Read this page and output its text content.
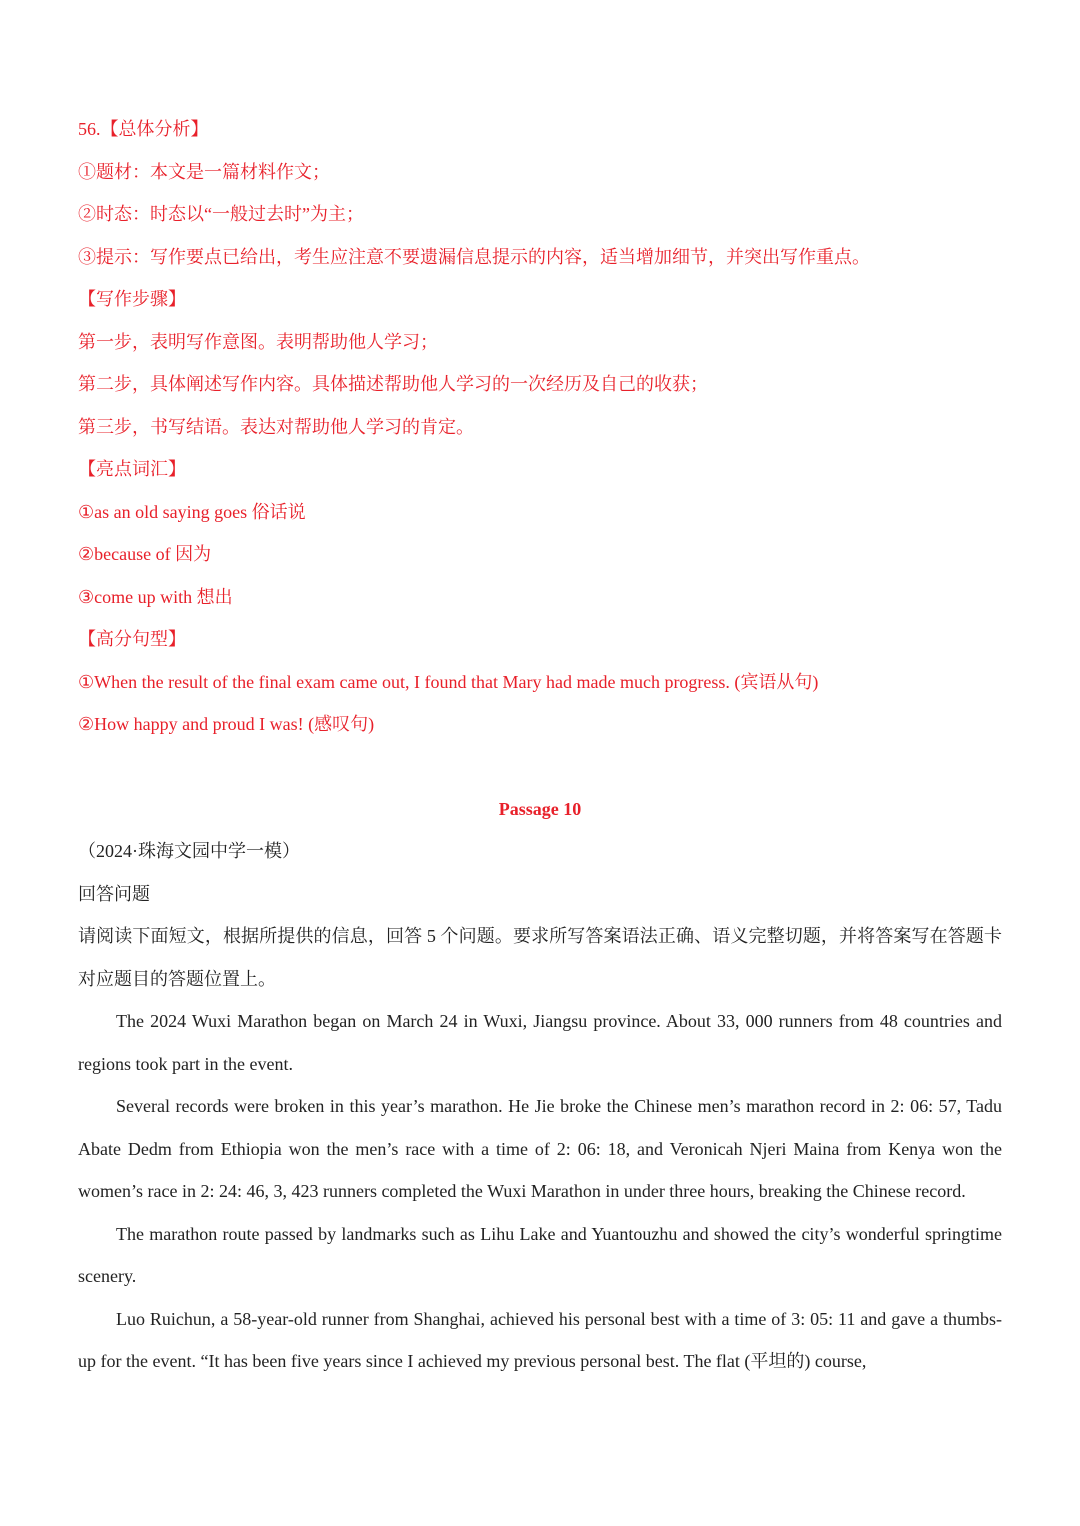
56.【总体分析】
①题材：本文是一篇材料作文；
②时态：时态以“一般过去时”为主；
③提示：写作要点已给出，考生应注意不要遗漏信息提示的内容，适当增加细节，并突出写作重点。
【写作步骤】
第一步，表明写作意图。表明帮助他人学习；
第二步，具体阐述写作内容。具体描述帮助他人学习的一次经历及自己的收获；
第三步，书写结语。表达对帮助他人学习的肯定。
【亮点词汇】
①as an old saying goes 俗话说
②because of 因为
③come up with 想出
【高分句型】
①When the result of the final exam came out, I found that Mary had made much progress. (宾语从句)
②How happy and proud I was! (感叹句)
Passage 10
（2024·珠海文园中学一模）
回答问题
请阅读下面短文，根据所提供的信息，回答 5 个问题。要求所写答案语法正确、语义完整切题，并将答案写在答题卡对应题目的答题位置上。
The 2024 Wuxi Marathon began on March 24 in Wuxi, Jiangsu province. About 33, 000 runners from 48 countries and regions took part in the event.
Several records were broken in this year’s marathon. He Jie broke the Chinese men’s marathon record in 2: 06: 57, Tadu Abate Dedm from Ethiopia won the men’s race with a time of 2: 06: 18, and Veronicah Njeri Maina from Kenya won the women’s race in 2: 24: 46, 3, 423 runners completed the Wuxi Marathon in under three hours, breaking the Chinese record.
The marathon route passed by landmarks such as Lihu Lake and Yuantouzhu and showed the city’s wonderful springtime scenery.
Luo Ruichun, a 58-year-old runner from Shanghai, achieved his personal best with a time of 3: 05: 11 and gave a thumbs-up for the event. “It has been five years since I achieved my previous personal best. The flat (平坦的) course,
